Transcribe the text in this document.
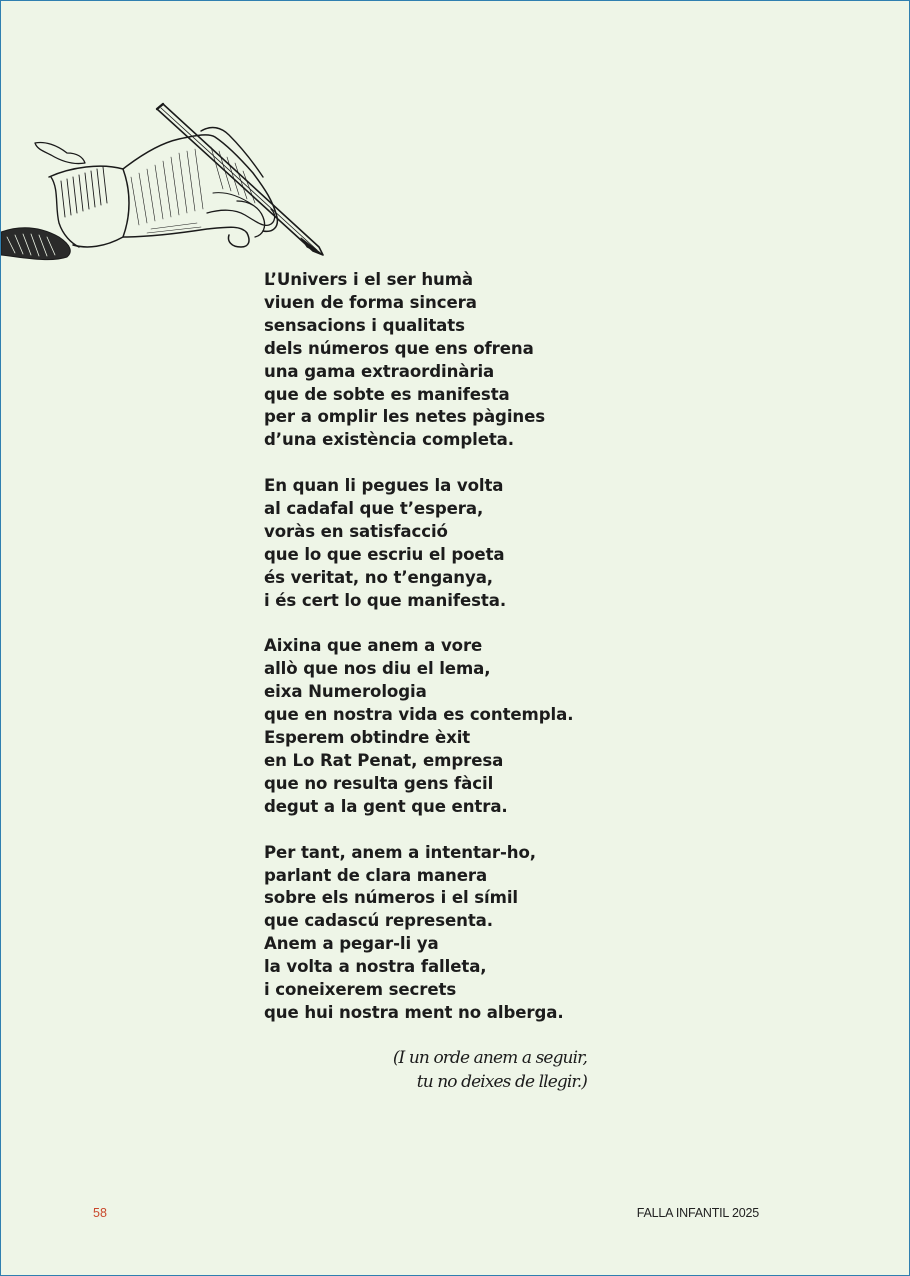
L’Univers i el ser humà
viuen de forma sincera
sensacions i qualitats
dels números que ens ofrena
una gama extraordinària
que de sobte es manifesta
per a omplir les netes pàgines
d’una existència completa.
En quan li pegues la volta
al cadafal que t’espera,
voràs en satisfacció
que lo que escriu el poeta
és veritat, no t’enganya,
i és cert lo que manifesta.
Aixina que anem a vore
allò que nos diu el lema,
eixa Numerologia
que en nostra vida es contempla.
Esperem obtindre èxit
en Lo Rat Penat, empresa
que no resulta gens fàcil
degut a la gent que entra.
Per tant, anem a intentar-ho,
parlant de clara manera
sobre els números i el símil
que cadascú representa.
Anem a pegar-li ya
la volta a nostra falleta,
i coneixerem secrets
que hui nostra ment no alberga.
(I un orde anem a seguir,
tu no deixes de llegir.)
58	FALLA INFANTIL 2025
